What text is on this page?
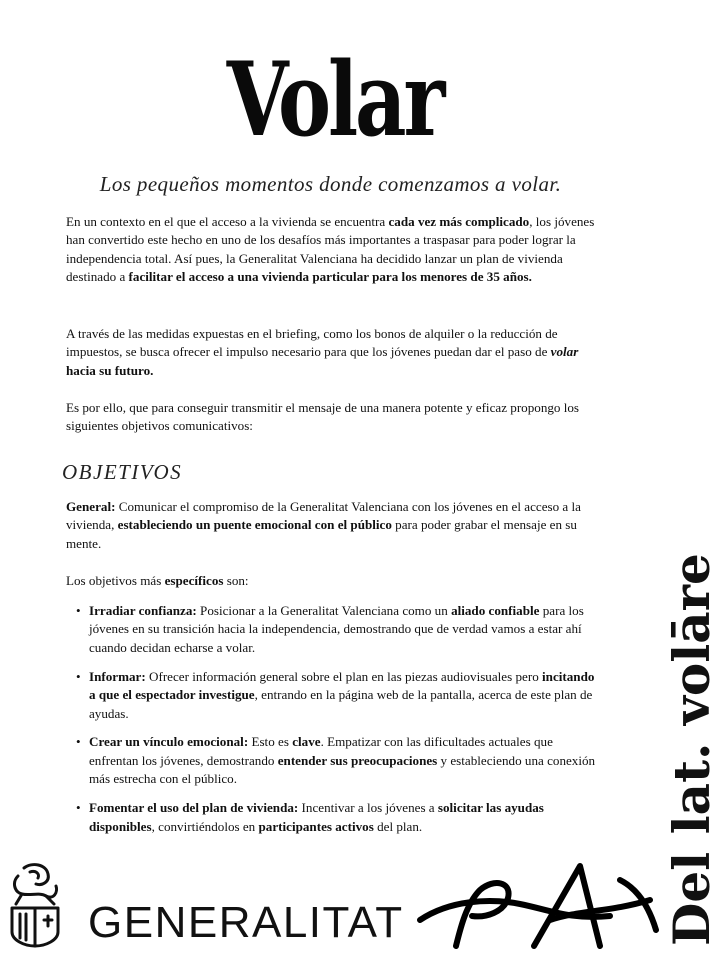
Volar
Los pequeños momentos donde comenzamos a volar.

En un contexto en el que el acceso a la vivienda se encuentra cada vez más complicado, los jóvenes han convertido este hecho en uno de los desafíos más importantes a traspasar para poder lograr la independencia total. Así pues, la Generalitat Valenciana ha decidido lanzar un plan de vivienda destinado a facilitar el acceso a una vivienda particular para los menores de 35 años.

A través de las medidas expuestas en el briefing, como los bonos de alquiler o la reducción de impuestos, se busca ofrecer el impulso necesario para que los jóvenes puedan dar el paso de volar hacia su futuro.

Es por ello, que para conseguir transmitir el mensaje de una manera potente y eficaz propongo los siguientes objetivos comunicativos:

OBJETIVOS

General: Comunicar el compromiso de la Generalitat Valenciana con los jóvenes en el acceso a la vivienda, estableciendo un puente emocional con el público para poder grabar el mensaje en su mente.

Los objetivos más específicos son:

• Irradiar confianza: Posicionar a la Generalitat Valenciana como un aliado confiable para los jóvenes en su transición hacia la independencia, demostrando que de verdad vamos a estar ahí cuando decidan echarse a volar.
• Informar: Ofrecer información general sobre el plan en las piezas audiovisuales pero incitando a que el espectador investigue, entrando en la página web de la pantalla, acerca de este plan de ayudas.
• Crear un vínculo emocional: Esto es clave. Empatizar con las dificultades actuales que enfrentan los jóvenes, demostrando entender sus preocupaciones y estableciendo una conexión más estrecha con el público.
• Fomentar el uso del plan de vivienda: Incentivar a los jóvenes a solicitar las ayudas disponibles, convirtiéndolos en participantes activos del plan.
GENERALITAT	Del lat. volāre
